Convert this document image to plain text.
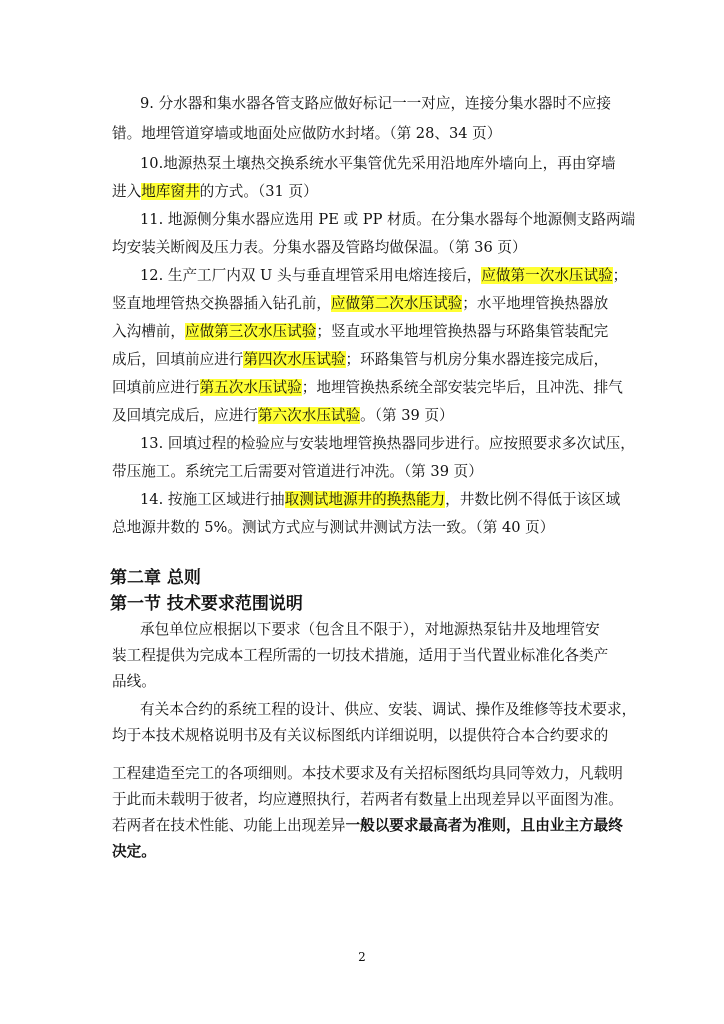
9. 分水器和集水器各管支路应做好标记一一对应，连接分集水器时不应接
错。地埋管道穿墙或地面处应做防水封堵。（第 28、34 页）
10.地源热泵土壤热交换系统水平集管优先采用沿地库外墙向上，再由穿墙
进入地库窗井的方式。（31 页）
11. 地源侧分集水器应选用 PE 或 PP 材质。在分集水器每个地源侧支路两端
均安装关断阀及压力表。分集水器及管路均做保温。（第 36 页）
12. 生产工厂内双 U 头与垂直埋管采用电熔连接后，应做第一次水压试验；
竖直地埋管热交换器插入钻孔前，应做第二次水压试验；水平地埋管换热器放
入沟槽前，应做第三次水压试验；竖直或水平地埋管换热器与环路集管装配完
成后，回填前应进行第四次水压试验；环路集管与机房分集水器连接完成后，
回填前应进行第五次水压试验；地埋管换热系统全部安装完毕后，且冲洗、排气
及回填完成后，应进行第六次水压试验。（第 39 页）
13. 回填过程的检验应与安装地埋管换热器同步进行。应按照要求多次试压，
带压施工。系统完工后需要对管道进行冲洗。（第 39 页）
14. 按施工区域进行抽取测试地源井的换热能力，井数比例不得低于该区域
总地源井数的 5%。测试方式应与测试井测试方法一致。（第 40 页）
第二章 总则
第一节 技术要求范围说明
承包单位应根据以下要求（包含且不限于），对地源热泵钻井及地埋管安
装工程提供为完成本工程所需的一切技术措施，适用于当代置业标准化各类产
品线。
有关本合约的系统工程的设计、供应、安装、调试、操作及维修等技术要求，
均于本技术规格说明书及有关议标图纸内详细说明，以提供符合本合约要求的
工程建造至完工的各项细则。本技术要求及有关招标图纸均具同等效力，凡载明
于此而未载明于彼者，均应遵照执行，若两者有数量上出现差异以平面图为准。
若两者在技术性能、功能上出现差异一般以要求最高者为准则，且由业主方最终
决定。
2
